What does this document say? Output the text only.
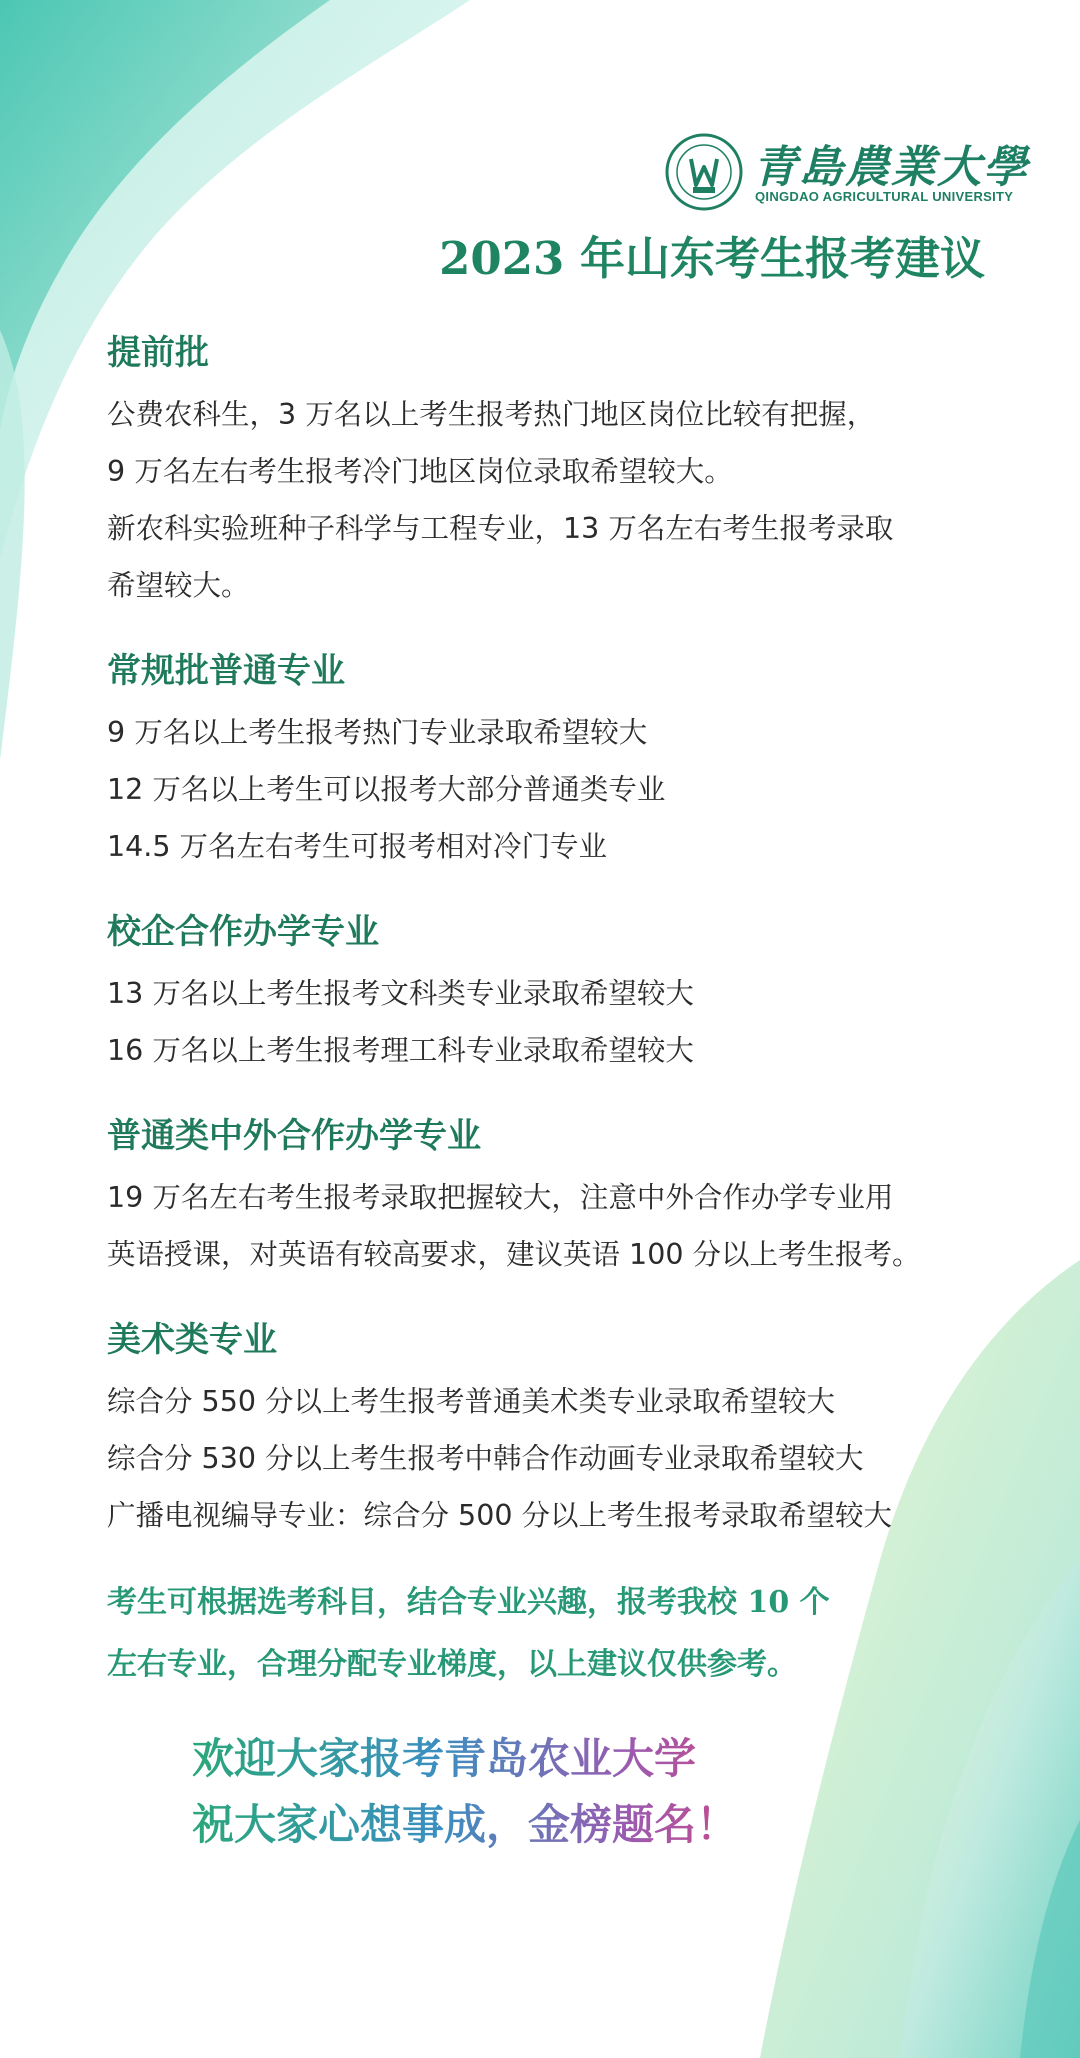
青島農業大學
QINGDAO AGRICULTURAL UNIVERSITY
2023 年山东考生报考建议
提前批

公费农科生，3 万名以上考生报考热门地区岗位比较有把握，

9 万名左右考生报考冷门地区岗位录取希望较大。

新农科实验班种子科学与工程专业，13 万名左右考生报考录取

希望较大。

常规批普通专业

9 万名以上考生报考热门专业录取希望较大

12 万名以上考生可以报考大部分普通类专业

14.5 万名左右考生可报考相对冷门专业

校企合作办学专业

13 万名以上考生报考文科类专业录取希望较大

16 万名以上考生报考理工科专业录取希望较大

普通类中外合作办学专业

19 万名左右考生报考录取把握较大，注意中外合作办学专业用

英语授课，对英语有较高要求，建议英语 100 分以上考生报考。

美术类专业

综合分 550 分以上考生报考普通美术类专业录取希望较大

综合分 530 分以上考生报考中韩合作动画专业录取希望较大

广播电视编导专业：综合分 500 分以上考生报考录取希望较大

考生可根据选考科目，结合专业兴趣，报考我校 10 个

左右专业，合理分配专业梯度，以上建议仅供参考。

欢迎大家报考青岛农业大学

祝大家心想事成，金榜题名！
